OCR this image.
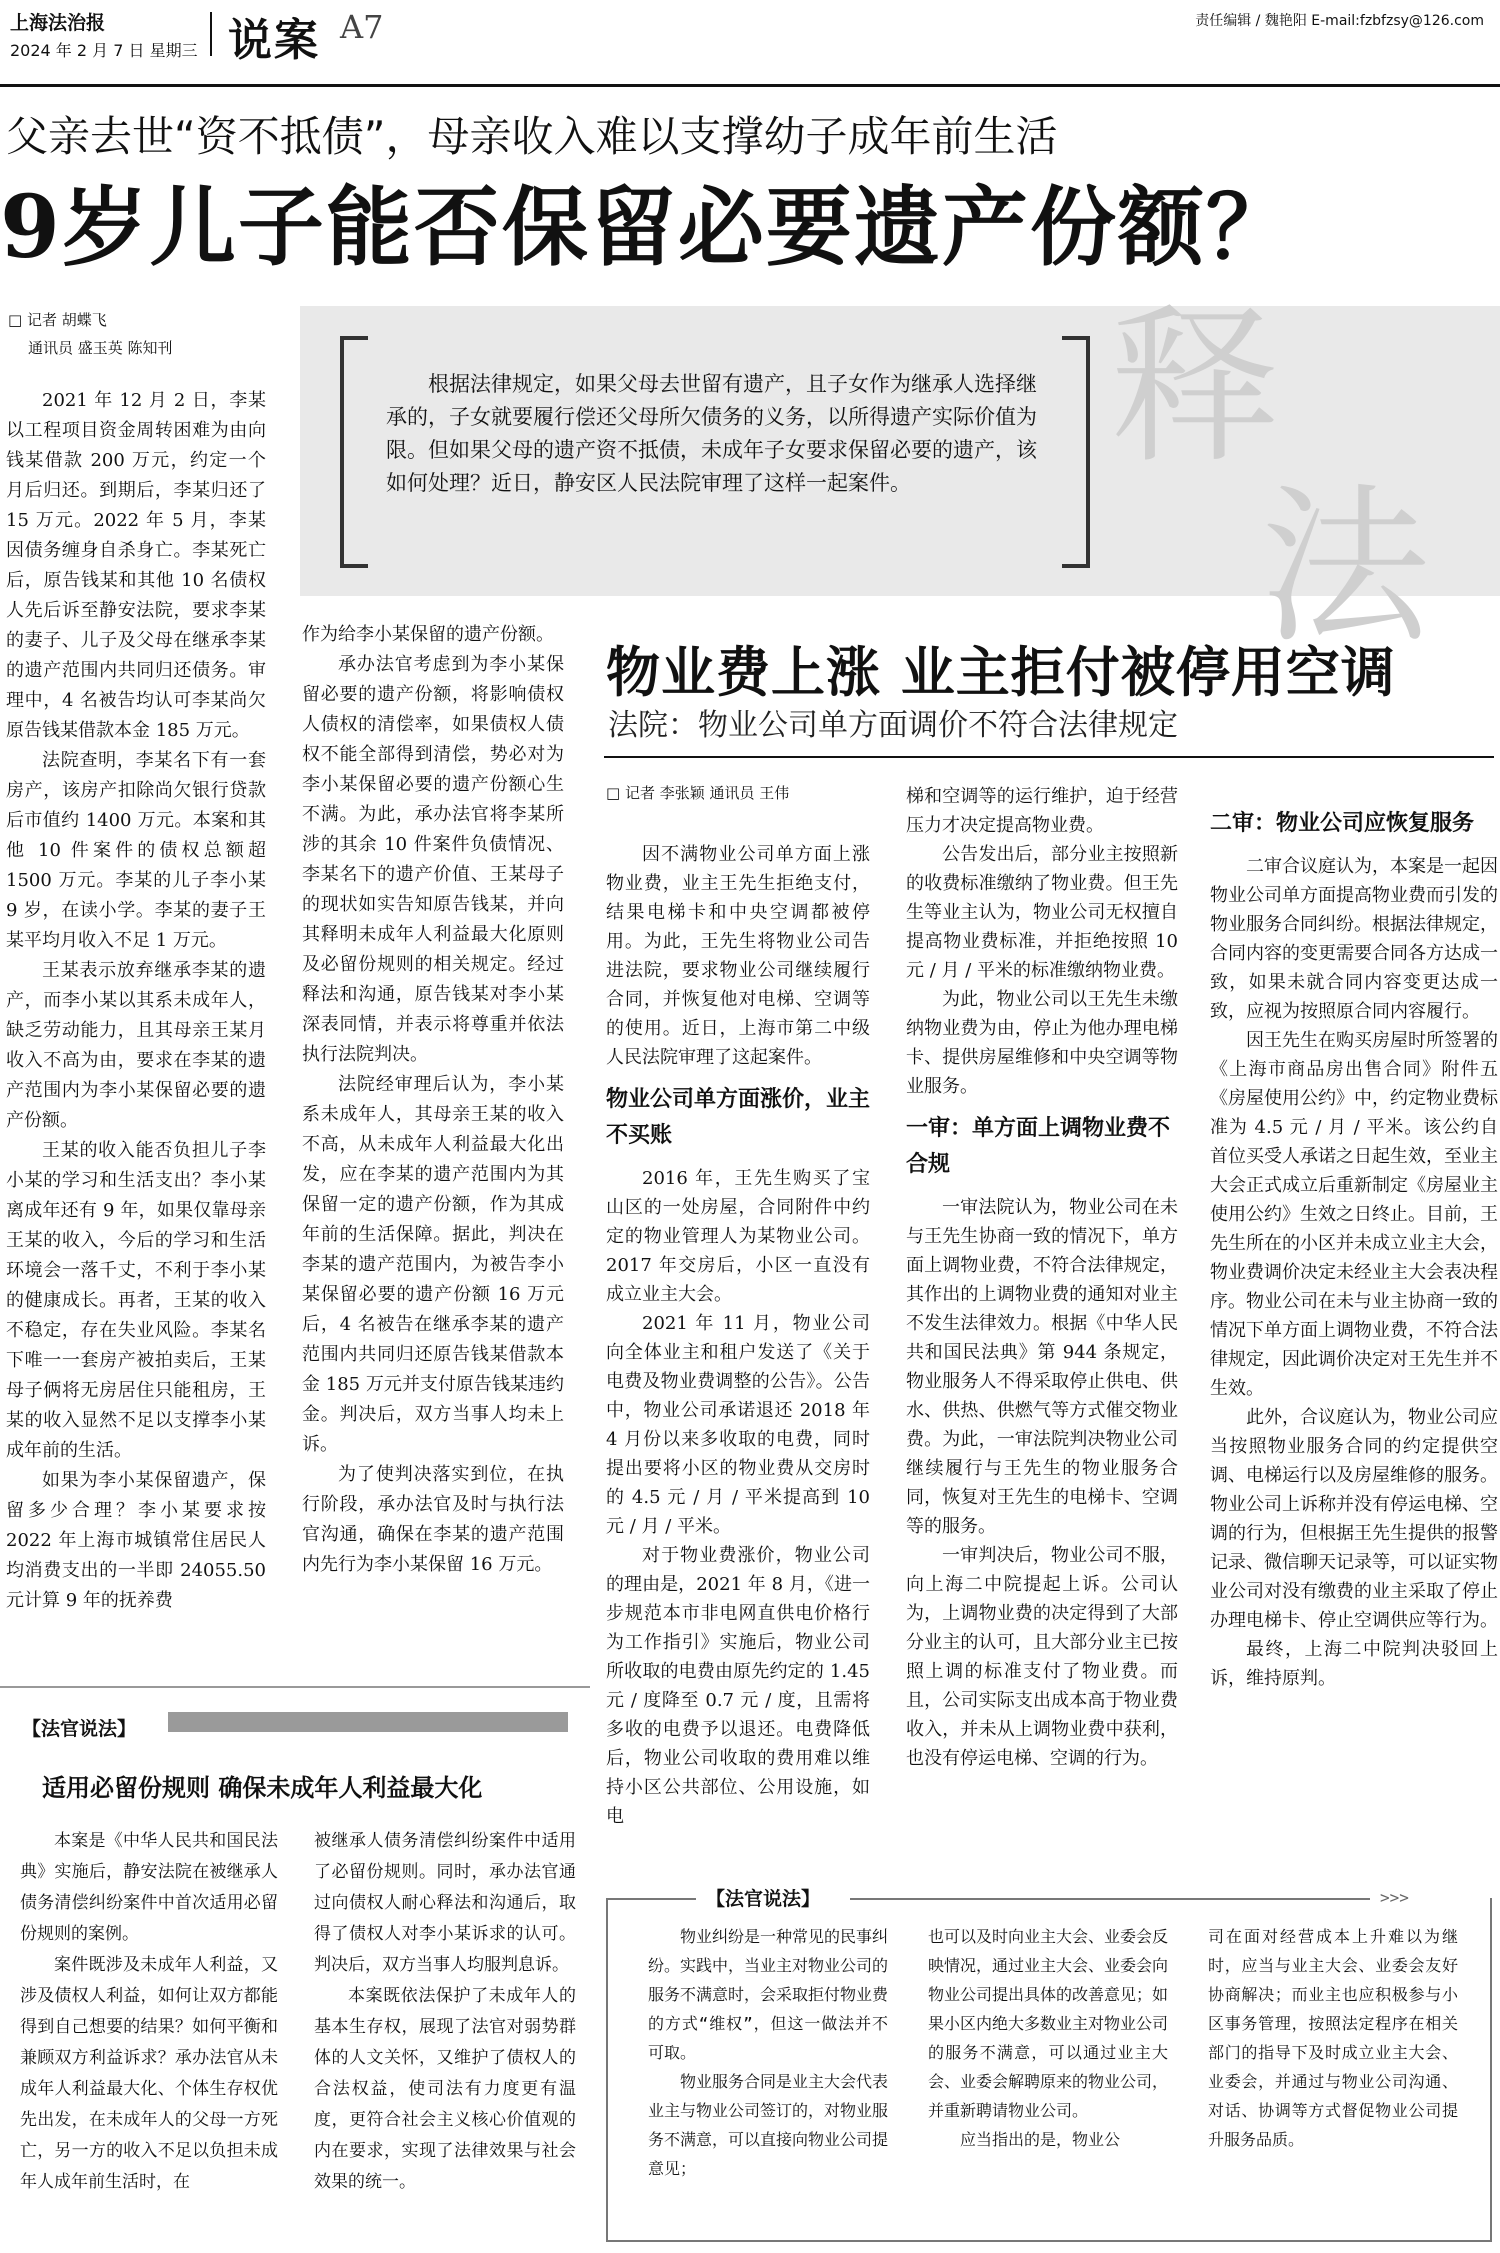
上海法治报
2024 年 2 月 7 日 星期三 说案 A7	责任编辑 / 魏艳阳 E-mail:fzbfzsy@126.com
父亲去世“资不抵债”，母亲收入难以支撑幼子成年前生活
9岁儿子能否保留必要遗产份额？
□ 记者 胡蝶飞
通讯员 盛玉英 陈知刊	释
法
根据法律规定，如果父母去世留有遗产，且子女作为继承人选择继承的，子女就要履行偿还父母所欠债务的义务，以所得遗产实际价值为限。但如果父母的遗产资不抵债，未成年子女要求保留必要的遗产，该如何处理？近日，静安区人民法院审理了这样一起案件。

2021 年 12 月 2 日，李某以工程项目资金周转困难为由向钱某借款 200 万元，约定一个月后归还。到期后，李某归还了 15 万元。2022 年 5 月，李某因债务缠身自杀身亡。李某死亡后，原告钱某和其他 10 名债权人先后诉至静安法院，要求李某的妻子、儿子及父母在继承李某的遗产范围内共同归还债务。审理中，4 名被告均认可李某尚欠原告钱某借款本金 185 万元。

法院查明，李某名下有一套房产，该房产扣除尚欠银行贷款后市值约 1400 万元。本案和其他 10 件案件的债权总额超 1500 万元。李某的儿子李小某 9 岁，在读小学。李某的妻子王某平均月收入不足 1 万元。

王某表示放弃继承李某的遗产，而李小某以其系未成年人，缺乏劳动能力，且其母亲王某月收入不高为由，要求在李某的遗产范围内为李小某保留必要的遗产份额。

王某的收入能否负担儿子李小某的学习和生活支出？李小某离成年还有 9 年，如果仅靠母亲王某的收入，今后的学习和生活环境会一落千丈，不利于李小某的健康成长。再者，王某的收入不稳定，存在失业风险。李某名下唯一一套房产被拍卖后，王某母子俩将无房居住只能租房，王某的收入显然不足以支撑李小某成年前的生活。

如果为李小某保留遗产，保留多少合理？李小某要求按 2022 年上海市城镇常住居民人均消费支出的一半即 24055.50 元计算 9 年的抚养费

作为给李小某保留的遗产份额。

承办法官考虑到为李小某保留必要的遗产份额，将影响债权人债权的清偿率，如果债权人债权不能全部得到清偿，势必对为李小某保留必要的遗产份额心生不满。为此，承办法官将李某所涉的其余 10 件案件负债情况、李某名下的遗产价值、王某母子的现状如实告知原告钱某，并向其释明未成年人利益最大化原则及必留份规则的相关规定。经过释法和沟通，原告钱某对李小某深表同情，并表示将尊重并依法执行法院判决。

法院经审理后认为，李小某系未成年人，其母亲王某的收入不高，从未成年人利益最大化出发，应在李某的遗产范围内为其保留一定的遗产份额，作为其成年前的生活保障。据此，判决在李某的遗产范围内，为被告李小某保留必要的遗产份额 16 万元后，4 名被告在继承李某的遗产范围内共同归还原告钱某借款本金 185 万元并支付原告钱某违约金。判决后，双方当事人均未上诉。

为了使判决落实到位，在执行阶段，承办法官及时与执行法官沟通，确保在李某的遗产范围内先行为李小某保留 16 万元。

物业费上涨 业主拒付被停用空调
法院：物业公司单方面调价不符合法律规定
□ 记者 李张颖 通讯员 王伟

因不满物业公司单方面上涨物业费，业主王先生拒绝支付，结果电梯卡和中央空调都被停用。为此，王先生将物业公司告进法院，要求物业公司继续履行合同，并恢复他对电梯、空调等的使用。近日，上海市第二中级人民法院审理了这起案件。

物业公司单方面涨价，业主不买账

2016 年，王先生购买了宝山区的一处房屋，合同附件中约定的物业管理人为某物业公司。2017 年交房后，小区一直没有成立业主大会。

2021 年 11 月，物业公司向全体业主和租户发送了《关于电费及物业费调整的公告》。公告中，物业公司承诺退还 2018 年 4 月份以来多收取的电费，同时提出要将小区的物业费从交房时的 4.5 元 / 月 / 平米提高到 10 元 / 月 / 平米。

对于物业费涨价，物业公司的理由是，2021 年 8 月，《进一步规范本市非电网直供电价格行为工作指引》实施后，物业公司所收取的电费由原先约定的 1.45 元 / 度降至 0.7 元 / 度，且需将多收的电费予以退还。电费降低后，物业公司收取的费用难以维持小区公共部位、公用设施，如电

梯和空调等的运行维护，迫于经营压力才决定提高物业费。

公告发出后，部分业主按照新的收费标准缴纳了物业费。但王先生等业主认为，物业公司无权擅自提高物业费标准，并拒绝按照 10 元 / 月 / 平米的标准缴纳物业费。

为此，物业公司以王先生未缴纳物业费为由，停止为他办理电梯卡、提供房屋维修和中央空调等物业服务。

一审：单方面上调物业费不合规

一审法院认为，物业公司在未与王先生协商一致的情况下，单方面上调物业费，不符合法律规定，其作出的上调物业费的通知对业主不发生法律效力。根据《中华人民共和国民法典》第 944 条规定，物业服务人不得采取停止供电、供水、供热、供燃气等方式催交物业费。为此，一审法院判决物业公司继续履行与王先生的物业服务合同，恢复对王先生的电梯卡、空调等的服务。

一审判决后，物业公司不服，向上海二中院提起上诉。公司认为，上调物业费的决定得到了大部分业主的认可，且大部分业主已按照上调的标准支付了物业费。而且，公司实际支出成本高于物业费收入，并未从上调物业费中获利，也没有停运电梯、空调的行为。

二审：物业公司应恢复服务

二审合议庭认为，本案是一起因物业公司单方面提高物业费而引发的物业服务合同纠纷。根据法律规定，合同内容的变更需要合同各方达成一致，如果未就合同内容变更达成一致，应视为按照原合同内容履行。

因王先生在购买房屋时所签署的《上海市商品房出售合同》附件五《房屋使用公约》中，约定物业费标准为 4.5 元 / 月 / 平米。该公约自首位买受人承诺之日起生效，至业主大会正式成立后重新制定《房屋业主使用公约》生效之日终止。目前，王先生所在的小区并未成立业主大会，物业费调价决定未经业主大会表决程序。物业公司在未与业主协商一致的情况下单方面上调物业费，不符合法律规定，因此调价决定对王先生并不生效。

此外，合议庭认为，物业公司应当按照物业服务合同的约定提供空调、电梯运行以及房屋维修的服务。物业公司上诉称并没有停运电梯、空调的行为，但根据王先生提供的报警记录、微信聊天记录等，可以证实物业公司对没有缴费的业主采取了停止办理电梯卡、停止空调供应等行为。

最终，上海二中院判决驳回上诉，维持原判。

【法官说法】
适用必留份规则 确保未成年人利益最大化

本案是《中华人民共和国民法典》实施后，静安法院在被继承人债务清偿纠纷案件中首次适用必留份规则的案例。

案件既涉及未成年人利益，又涉及债权人利益，如何让双方都能得到自己想要的结果？如何平衡和兼顾双方利益诉求？承办法官从未成年人利益最大化、个体生存权优先出发，在未成年人的父母一方死亡，另一方的收入不足以负担未成年人成年前生活时，在

被继承人债务清偿纠纷案件中适用了必留份规则。同时，承办法官通过向债权人耐心释法和沟通后，取得了债权人对李小某诉求的认可。判决后，双方当事人均服判息诉。

本案既依法保护了未成年人的基本生存权，展现了法官对弱势群体的人文关怀，又维护了债权人的合法权益，使司法有力度更有温度，更符合社会主义核心价值观的内在要求，实现了法律效果与社会效果的统一。

【法官说法】	>>>

物业纠纷是一种常见的民事纠纷。实践中，当业主对物业公司的服务不满意时，会采取拒付物业费的方式“维权”，但这一做法并不可取。

物业服务合同是业主大会代表业主与物业公司签订的，对物业服务不满意，可以直接向物业公司提意见；

也可以及时向业主大会、业委会反映情况，通过业主大会、业委会向物业公司提出具体的改善意见；如果小区内绝大多数业主对物业公司的服务不满意，可以通过业主大会、业委会解聘原来的物业公司，并重新聘请物业公司。

应当指出的是，物业公

司在面对经营成本上升难以为继时，应当与业主大会、业委会友好协商解决；而业主也应积极参与小区事务管理，按照法定程序在相关部门的指导下及时成立业主大会、业委会，并通过与物业公司沟通、对话、协调等方式督促物业公司提升服务品质。
